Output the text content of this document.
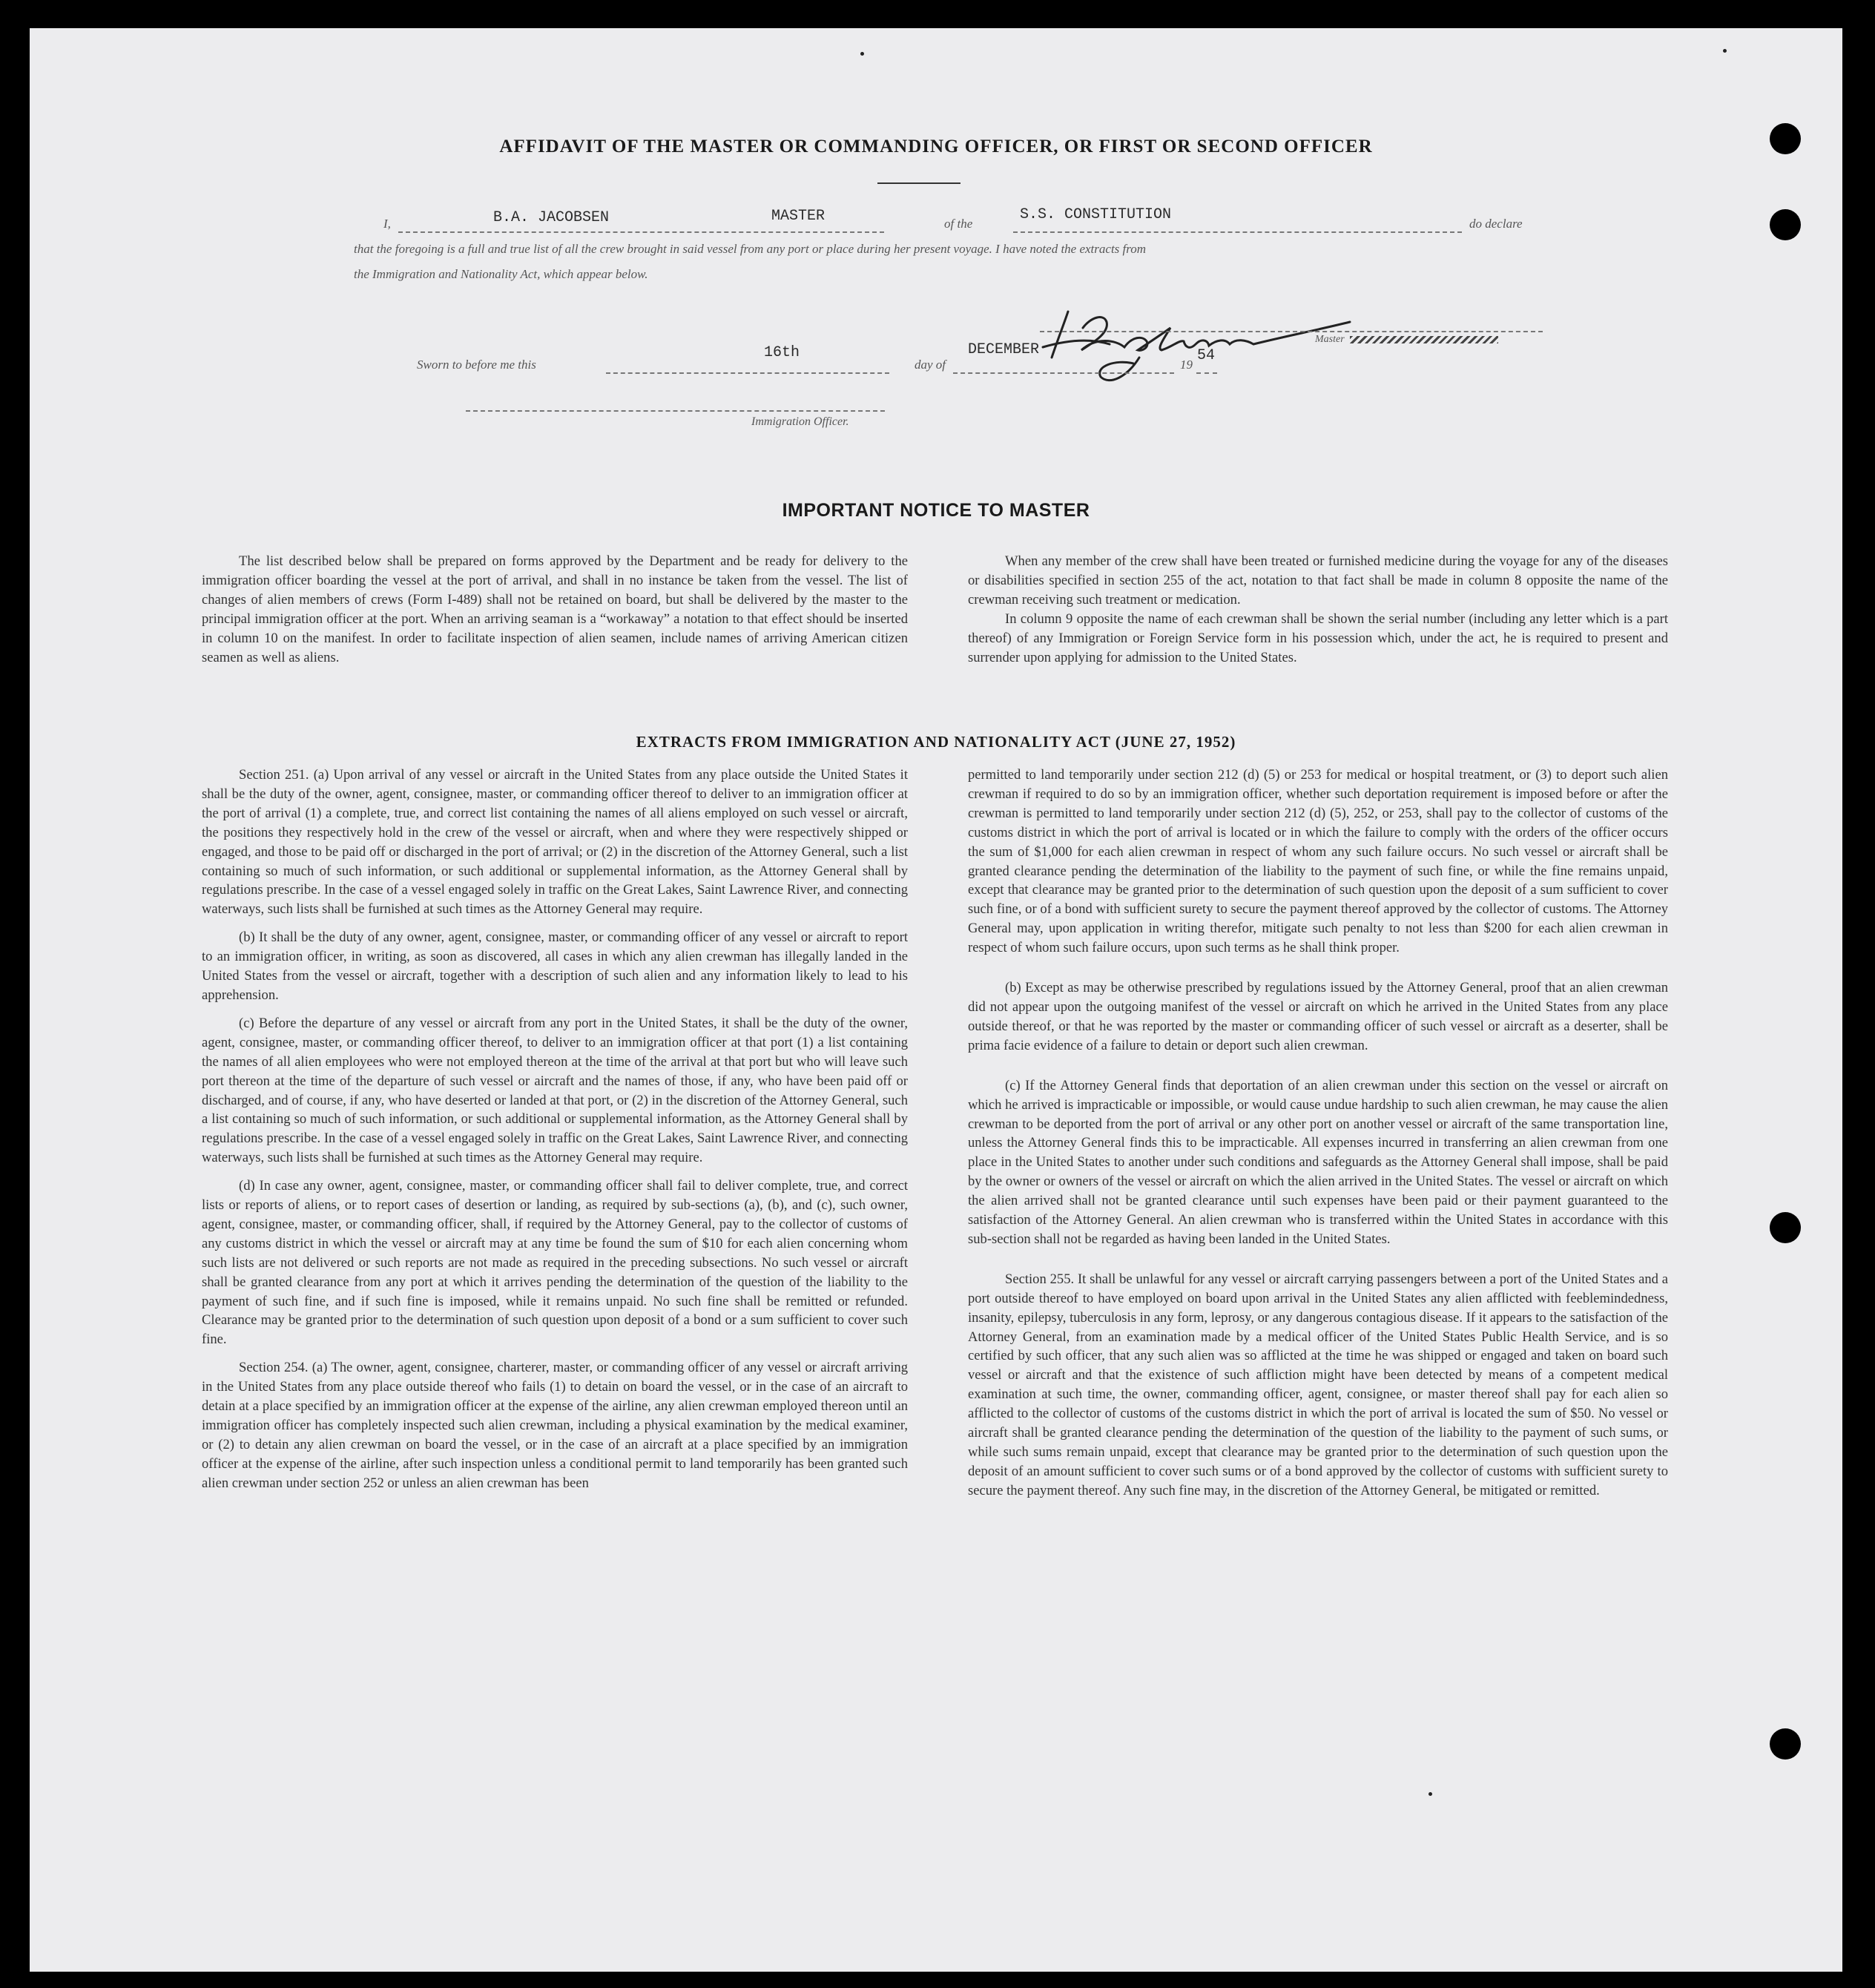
AFFIDAVIT OF THE MASTER OR COMMANDING OFFICER, OR FIRST OR SECOND OFFICER
I,	B.A. JACOBSEN	MASTER	of the
S.S. CONSTITUTION
do declare
that the foregoing is a full and true list of all the crew brought in said vessel from any port or place during her present voyage. I have noted the extracts from
the Immigration and Nationality Act, which appear below.
Master
Sworn to before me this
16th
day of
DECEMBER
19
54
Immigration Officer.
IMPORTANT NOTICE TO MASTER

The list described below shall be prepared on forms approved by the Department and be ready for delivery to the immigration officer boarding the vessel at the port of arrival, and shall in no instance be taken from the vessel. The list of changes of alien members of crews (Form I-489) shall not be retained on board, but shall be delivered by the master to the principal immigration officer at the port. When an arriving seaman is a “workaway” a notation to that effect should be inserted in column 10 on the manifest. In order to facilitate inspection of alien seamen, include names of arriving American citizen seamen as well as aliens.

When any member of the crew shall have been treated or furnished medicine during the voyage for any of the diseases or disabilities specified in section 255 of the act, notation to that fact shall be made in column 8 opposite the name of the crewman receiving such treatment or medication.

In column 9 opposite the name of each crewman shall be shown the serial number (including any letter which is a part thereof) of any Immigration or Foreign Service form in his possession which, under the act, he is required to present and surrender upon applying for admission to the United States.

EXTRACTS FROM IMMIGRATION AND NATIONALITY ACT (JUNE 27, 1952)

Section 251. (a) Upon arrival of any vessel or aircraft in the United States from any place outside the United States it shall be the duty of the owner, agent, consignee, master, or commanding officer thereof to deliver to an immigration officer at the port of arrival (1) a complete, true, and correct list containing the names of all aliens employed on such vessel or aircraft, the positions they respectively hold in the crew of the vessel or aircraft, when and where they were respectively shipped or engaged, and those to be paid off or discharged in the port of arrival; or (2) in the discretion of the Attorney General, such a list containing so much of such information, or such additional or supplemental information, as the Attorney General shall by regulations prescribe. In the case of a vessel engaged solely in traffic on the Great Lakes, Saint Lawrence River, and connecting waterways, such lists shall be furnished at such times as the Attorney General may require.

(b) It shall be the duty of any owner, agent, consignee, master, or commanding officer of any vessel or aircraft to report to an immigration officer, in writing, as soon as discovered, all cases in which any alien crewman has illegally landed in the United States from the vessel or aircraft, together with a description of such alien and any information likely to lead to his apprehension.

(c) Before the departure of any vessel or aircraft from any port in the United States, it shall be the duty of the owner, agent, consignee, master, or commanding officer thereof, to deliver to an immigration officer at that port (1) a list containing the names of all alien employees who were not employed thereon at the time of the arrival at that port but who will leave such port thereon at the time of the departure of such vessel or aircraft and the names of those, if any, who have been paid off or discharged, and of course, if any, who have deserted or landed at that port, or (2) in the discretion of the Attorney General, such a list containing so much of such information, or such additional or supplemental information, as the Attorney General shall by regulations prescribe. In the case of a vessel engaged solely in traffic on the Great Lakes, Saint Lawrence River, and connecting waterways, such lists shall be furnished at such times as the Attorney General may require.

(d) In case any owner, agent, consignee, master, or commanding officer shall fail to deliver complete, true, and correct lists or reports of aliens, or to report cases of desertion or landing, as required by sub-sections (a), (b), and (c), such owner, agent, consignee, master, or commanding officer, shall, if required by the Attorney General, pay to the collector of customs of any customs district in which the vessel or aircraft may at any time be found the sum of $10 for each alien concerning whom such lists are not delivered or such reports are not made as required in the preceding subsections. No such vessel or aircraft shall be granted clearance from any port at which it arrives pending the determination of the question of the liability to the payment of such fine, and if such fine is imposed, while it remains unpaid. No such fine shall be remitted or refunded. Clearance may be granted prior to the determination of such question upon deposit of a bond or a sum sufficient to cover such fine.

Section 254. (a) The owner, agent, consignee, charterer, master, or commanding officer of any vessel or aircraft arriving in the United States from any place outside thereof who fails (1) to detain on board the vessel, or in the case of an aircraft to detain at a place specified by an immigration officer at the expense of the airline, any alien crewman employed thereon until an immigration officer has completely inspected such alien crewman, including a physical examination by the medical examiner, or (2) to detain any alien crewman on board the vessel, or in the case of an aircraft at a place specified by an immigration officer at the expense of the airline, after such inspection unless a conditional permit to land temporarily has been granted such alien crewman under section 252 or unless an alien crewman has been

permitted to land temporarily under section 212 (d) (5) or 253 for medical or hospital treatment, or (3) to deport such alien crewman if required to do so by an immigration officer, whether such deportation requirement is imposed before or after the crewman is permitted to land temporarily under section 212 (d) (5), 252, or 253, shall pay to the collector of customs of the customs district in which the port of arrival is located or in which the failure to comply with the orders of the officer occurs the sum of $1,000 for each alien crewman in respect of whom any such failure occurs. No such vessel or aircraft shall be granted clearance pending the determination of the liability to the payment of such fine, or while the fine remains unpaid, except that clearance may be granted prior to the determination of such question upon the deposit of a sum sufficient to cover such fine, or of a bond with sufficient surety to secure the payment thereof approved by the collector of customs. The Attorney General may, upon application in writing therefor, mitigate such penalty to not less than $200 for each alien crewman in respect of whom such failure occurs, upon such terms as he shall think proper.

(b) Except as may be otherwise prescribed by regulations issued by the Attorney General, proof that an alien crewman did not appear upon the outgoing manifest of the vessel or aircraft on which he arrived in the United States from any place outside thereof, or that he was reported by the master or commanding officer of such vessel or aircraft as a deserter, shall be prima facie evidence of a failure to detain or deport such alien crewman.

(c) If the Attorney General finds that deportation of an alien crewman under this section on the vessel or aircraft on which he arrived is impracticable or impossible, or would cause undue hardship to such alien crewman, he may cause the alien crewman to be deported from the port of arrival or any other port on another vessel or aircraft of the same transportation line, unless the Attorney General finds this to be impracticable. All expenses incurred in transferring an alien crewman from one place in the United States to another under such conditions and safeguards as the Attorney General shall impose, shall be paid by the owner or owners of the vessel or aircraft on which the alien arrived in the United States. The vessel or aircraft on which the alien arrived shall not be granted clearance until such expenses have been paid or their payment guaranteed to the satisfaction of the Attorney General. An alien crewman who is transferred within the United States in accordance with this sub-section shall not be regarded as having been landed in the United States.

Section 255. It shall be unlawful for any vessel or aircraft carrying passengers between a port of the United States and a port outside thereof to have employed on board upon arrival in the United States any alien afflicted with feeblemindedness, insanity, epilepsy, tuberculosis in any form, leprosy, or any dangerous contagious disease. If it appears to the satisfaction of the Attorney General, from an examination made by a medical officer of the United States Public Health Service, and is so certified by such officer, that any such alien was so afflicted at the time he was shipped or engaged and taken on board such vessel or aircraft and that the existence of such affliction might have been detected by means of a competent medical examination at such time, the owner, commanding officer, agent, consignee, or master thereof shall pay for each alien so afflicted to the collector of customs of the customs district in which the port of arrival is located the sum of $50. No vessel or aircraft shall be granted clearance pending the determination of the question of the liability to the payment of such sums, or while such sums remain unpaid, except that clearance may be granted prior to the determination of such question upon the deposit of an amount sufficient to cover such sums or of a bond approved by the collector of customs with sufficient surety to secure the payment thereof. Any such fine may, in the discretion of the Attorney General, be mitigated or remitted.
